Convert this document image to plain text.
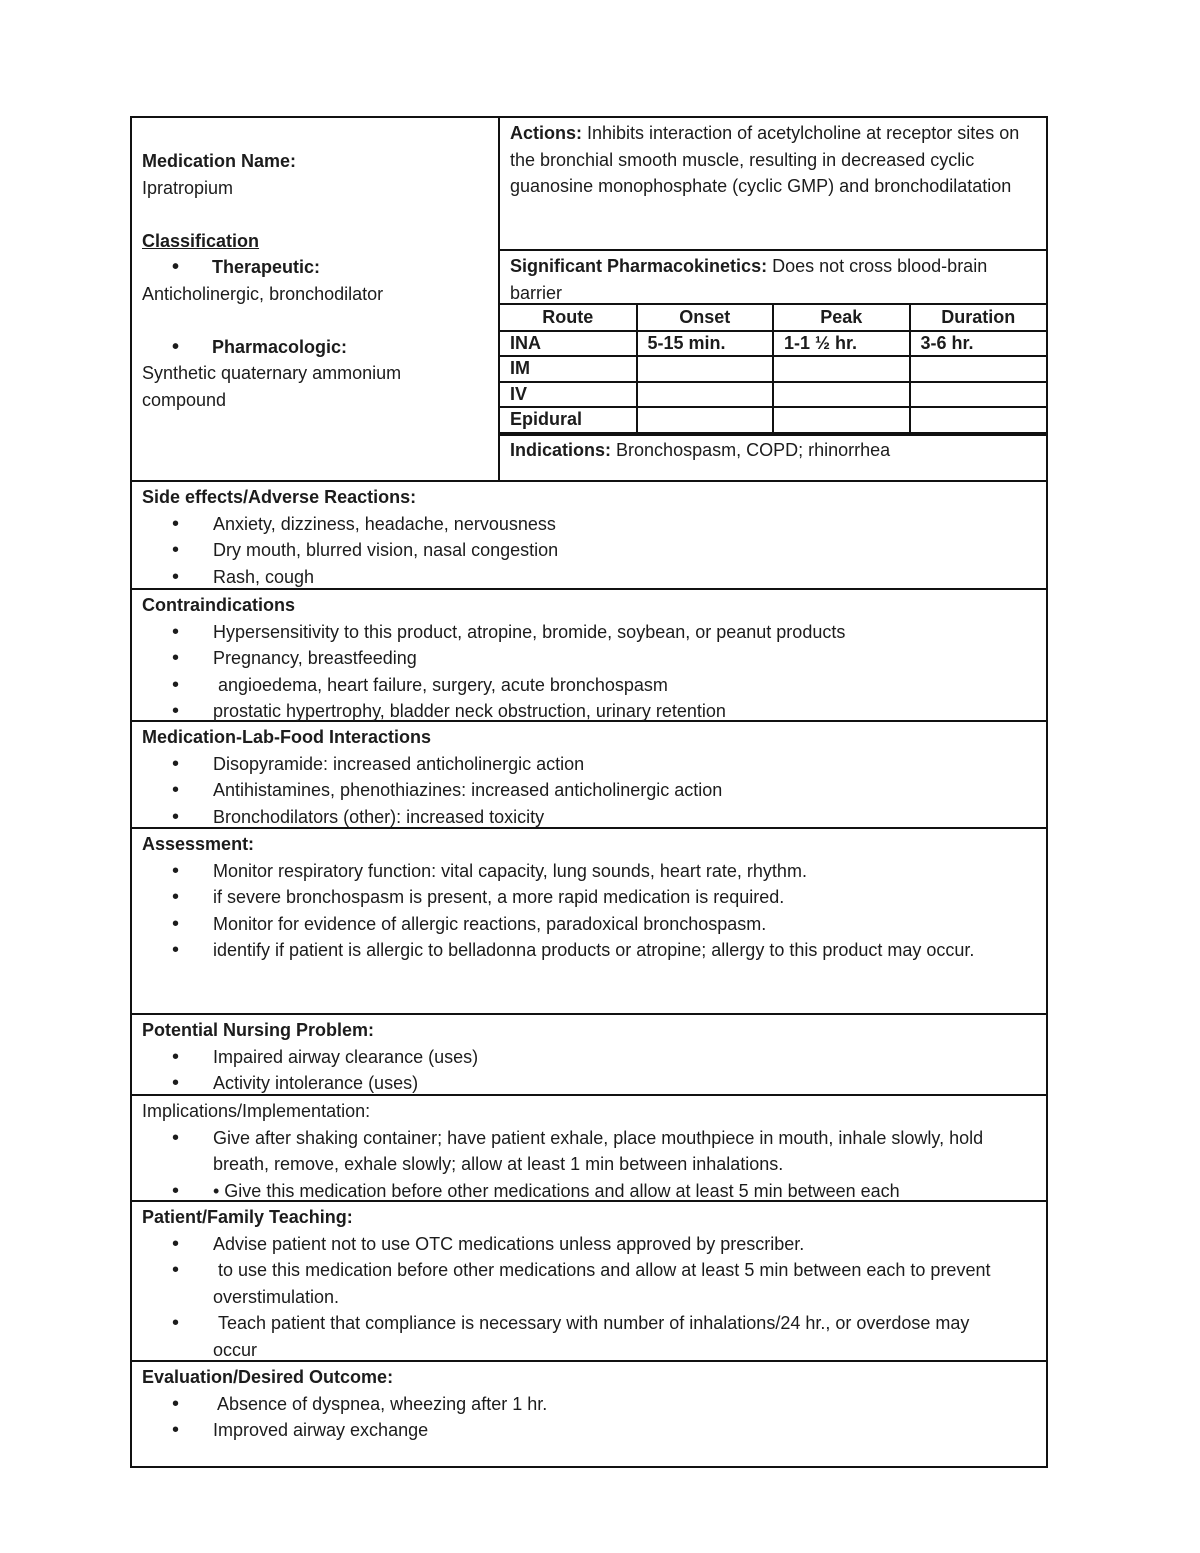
Medication Name:
Ipratropium
Classification
• Therapeutic:
Anticholinergic, bronchodilator
• Pharmacologic:
Synthetic quaternary ammonium compound
Actions: Inhibits interaction of acetylcholine at receptor sites on the bronchial smooth muscle, resulting in decreased cyclic guanosine monophosphate (cyclic GMP) and bronchodilatation
Significant Pharmacokinetics: Does not cross blood-brain barrier
Route	Onset	Peak	Duration
INA	5-15 min.	1-1 ½ hr.	3-6 hr.
IM			
IV			
Epidural			
Indications: Bronchospasm, COPD; rhinorrhea
Side effects/Adverse Reactions:
• Anxiety, dizziness, headache, nervousness
• Dry mouth, blurred vision, nasal congestion
• Rash, cough
Contraindications
• Hypersensitivity to this product, atropine, bromide, soybean, or peanut products
• Pregnancy, breastfeeding
•  angioedema, heart failure, surgery, acute bronchospasm
• prostatic hypertrophy, bladder neck obstruction, urinary retention
Medication-Lab-Food Interactions
• Disopyramide: increased anticholinergic action
• Antihistamines, phenothiazines: increased anticholinergic action
• Bronchodilators (other): increased toxicity
Assessment:
• Monitor respiratory function: vital capacity, lung sounds, heart rate, rhythm.
• if severe bronchospasm is present, a more rapid medication is required.
• Monitor for evidence of allergic reactions, paradoxical bronchospasm.
• identify if patient is allergic to belladonna products or atropine; allergy to this product may occur.
Potential Nursing Problem:
• Impaired airway clearance (uses)
• Activity intolerance (uses)
Implications/Implementation:
• Give after shaking container; have patient exhale, place mouthpiece in mouth, inhale slowly, hold breath, remove, exhale slowly; allow at least 1 min between inhalations.
• • Give this medication before other medications and allow at least 5 min between each
Patient/Family Teaching:
• Advise patient not to use OTC medications unless approved by prescriber.
•  to use this medication before other medications and allow at least 5 min between each to prevent overstimulation.
•  Teach patient that compliance is necessary with number of inhalations/24 hr., or overdose may occur
Evaluation/Desired Outcome:
•  Absence of dyspnea, wheezing after 1 hr.
• Improved airway exchange
